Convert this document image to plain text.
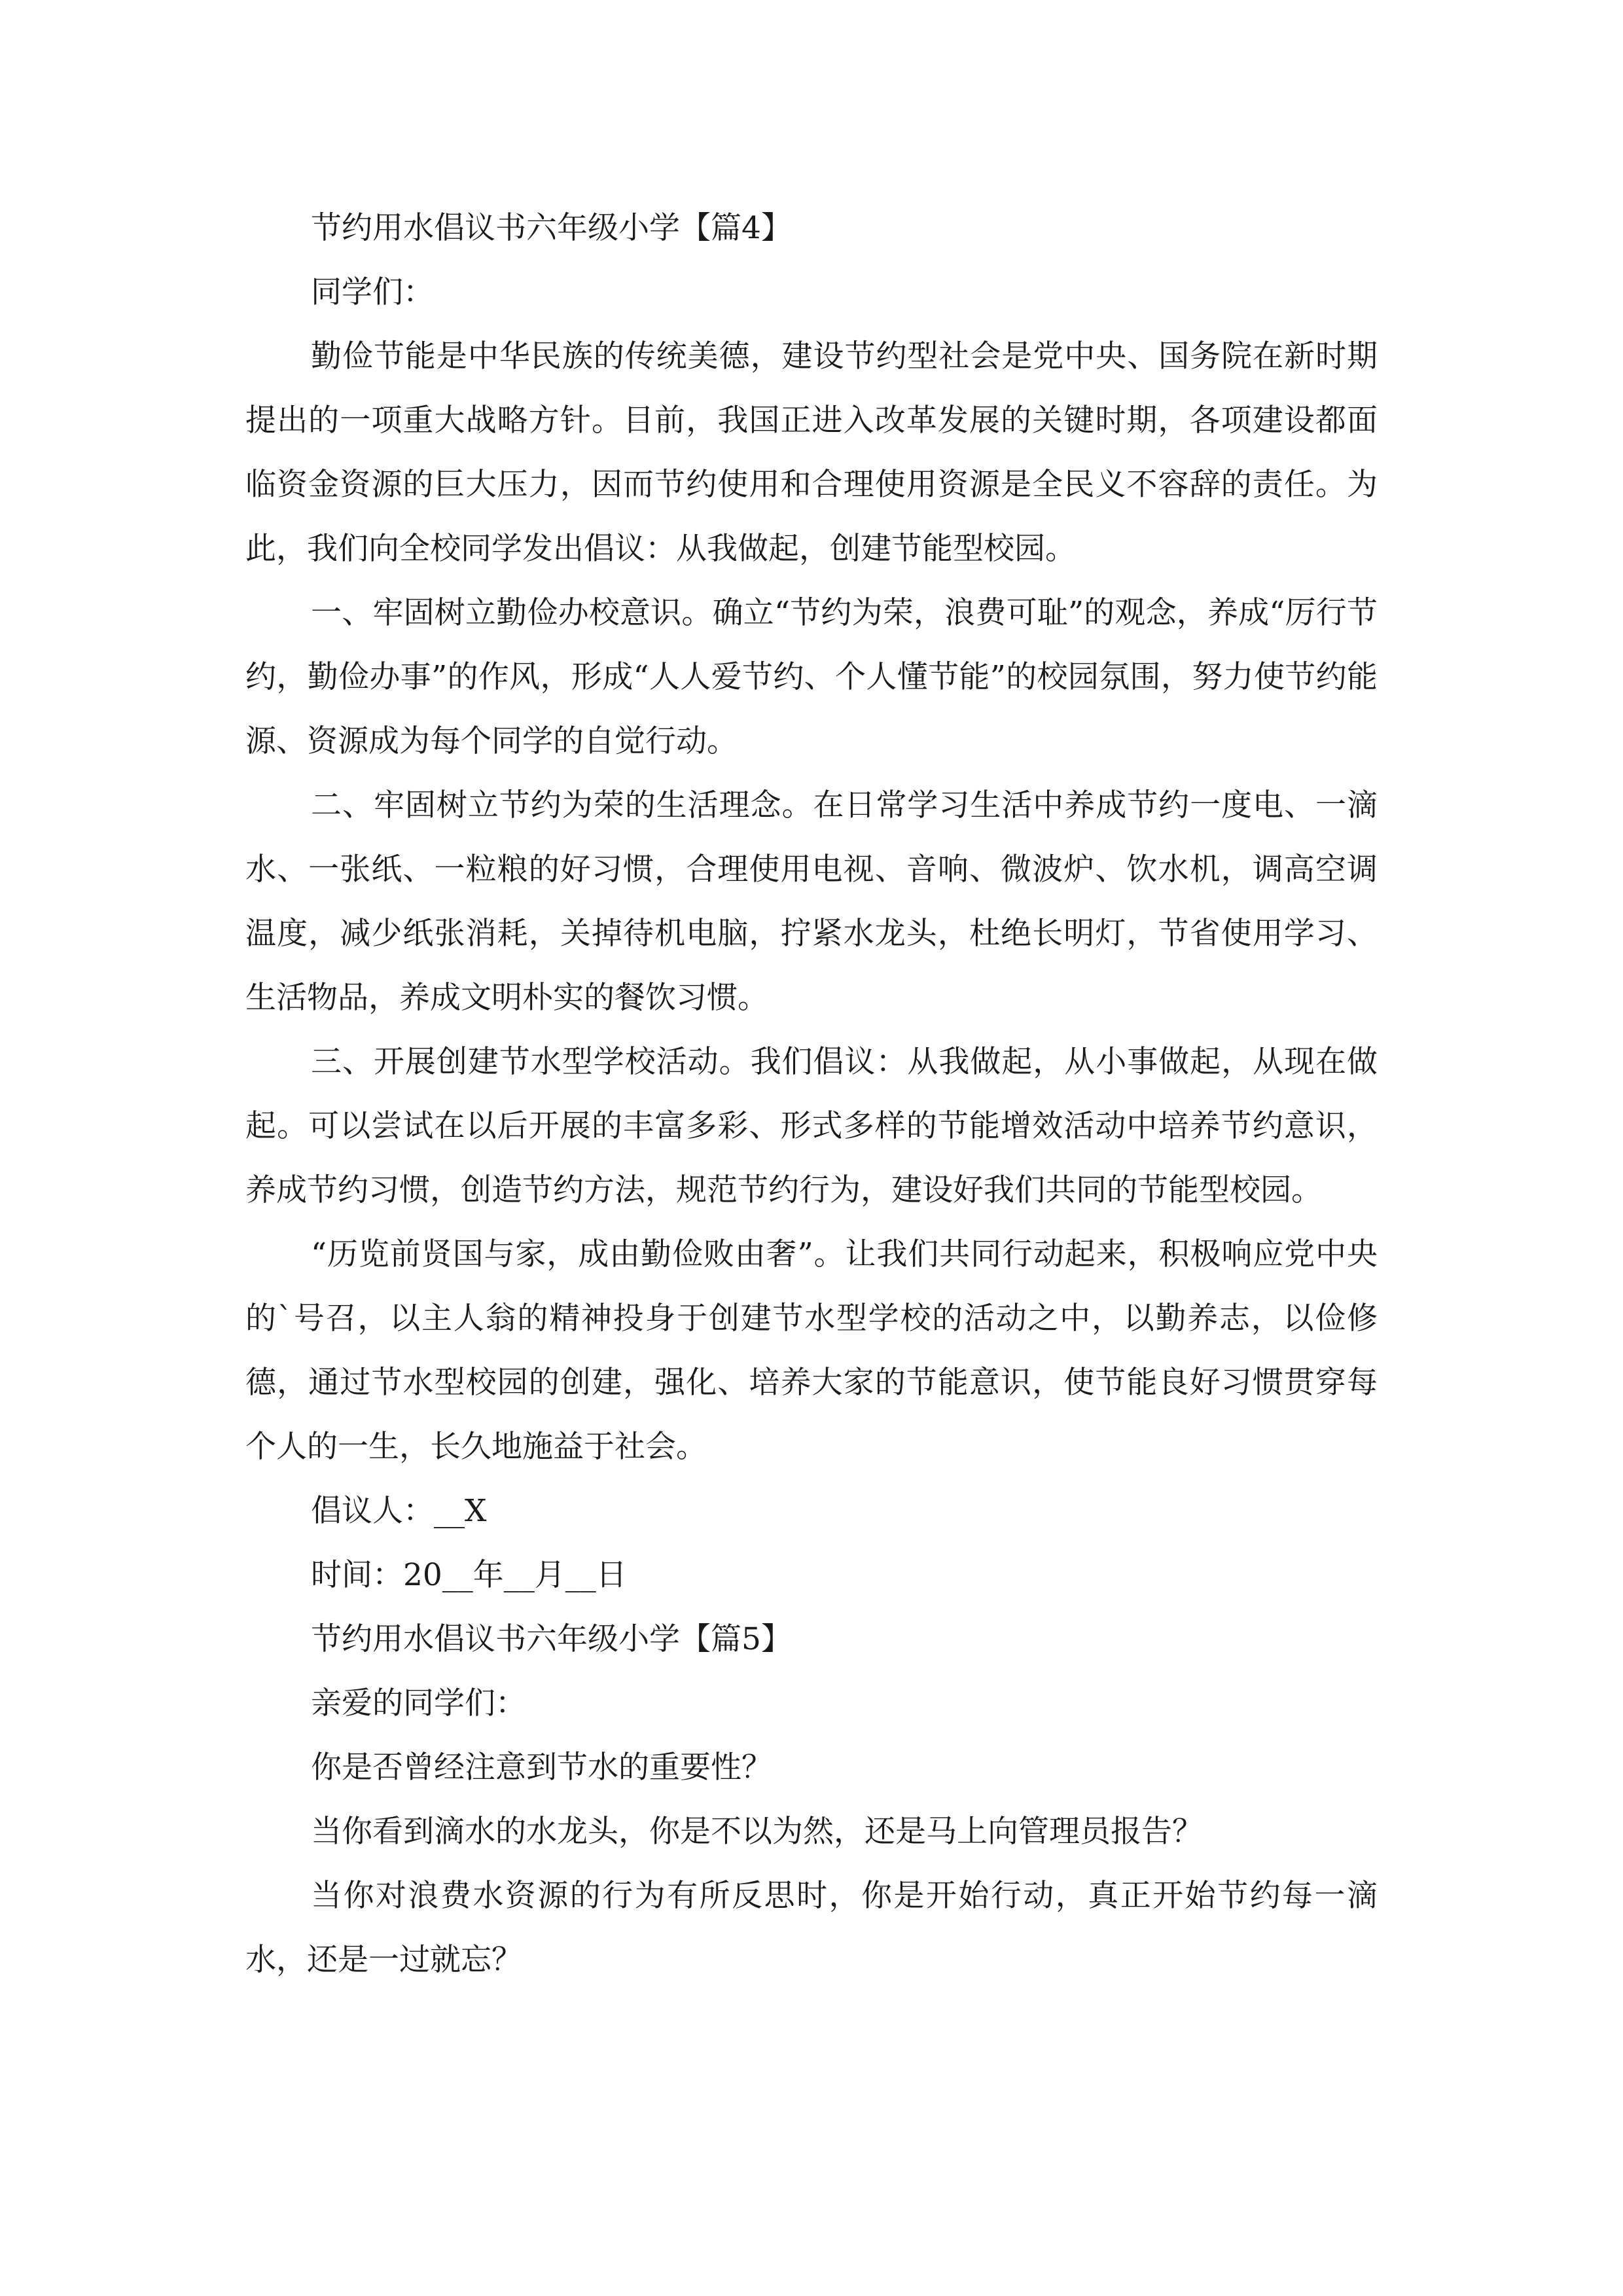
节约用水倡议书六年级小学【篇4】

同学们：

勤俭节能是中华民族的传统美德，建设节约型社会是党中央、国务院在新时期提出的一项重大战略方针。目前，我国正进入改革发展的关键时期，各项建设都面临资金资源的巨大压力，因而节约使用和合理使用资源是全民义不容辞的责任。为此，我们向全校同学发出倡议：从我做起，创建节能型校园。

一、牢固树立勤俭办校意识。确立“节约为荣，浪费可耻”的观念，养成“厉行节约，勤俭办事”的作风，形成“人人爱节约、个人懂节能”的校园氛围，努力使节约能源、资源成为每个同学的自觉行动。

二、牢固树立节约为荣的生活理念。在日常学习生活中养成节约一度电、一滴水、一张纸、一粒粮的好习惯，合理使用电视、音响、微波炉、饮水机，调高空调温度，减少纸张消耗，关掉待机电脑，拧紧水龙头，杜绝长明灯，节省使用学习、生活物品，养成文明朴实的餐饮习惯。

三、开展创建节水型学校活动。我们倡议：从我做起，从小事做起，从现在做起。可以尝试在以后开展的丰富多彩、形式多样的节能增效活动中培养节约意识，养成节约习惯，创造节约方法，规范节约行为，建设好我们共同的节能型校园。

“历览前贤国与家，成由勤俭败由奢”。让我们共同行动起来，积极响应党中央的`号召，以主人翁的精神投身于创建节水型学校的活动之中，以勤养志，以俭修德，通过节水型校园的创建，强化、培养大家的节能意识，使节能良好习惯贯穿每个人的一生，长久地施益于社会。

倡议人：__X

时间：20__年__月__日

节约用水倡议书六年级小学【篇5】

亲爱的同学们：

你是否曾经注意到节水的重要性？

当你看到滴水的水龙头，你是不以为然，还是马上向管理员报告？

当你对浪费水资源的行为有所反思时，你是开始行动，真正开始节约每一滴水，还是一过就忘？
